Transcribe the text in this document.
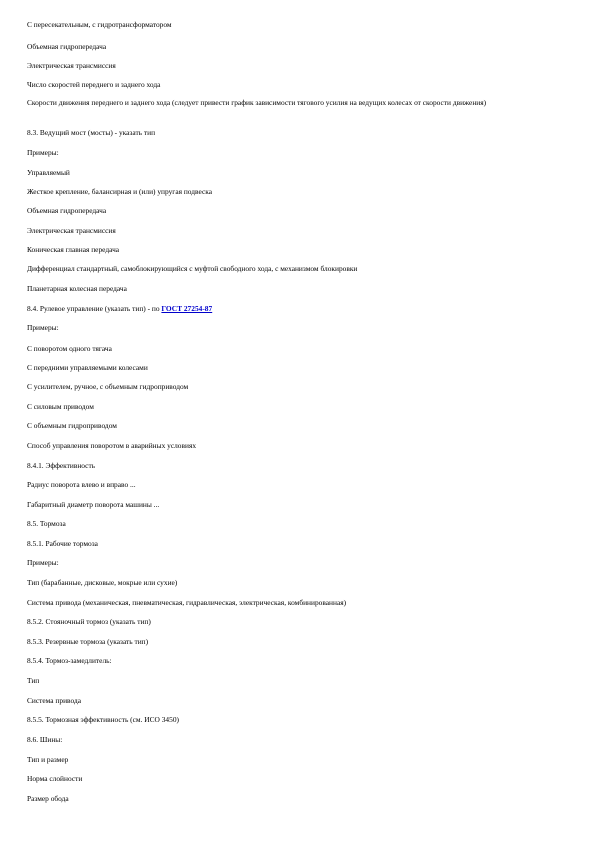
С пересекательным, с гидротрансформатором
Объемная гидропередача
Электрическая трансмиссия
Число скоростей переднего и заднего хода
Скорости движения переднего и заднего хода (следует привести график зависимости тягового усилия на ведущих колесах от скорости движения)
8.3. Ведущий мост (мосты) - указать тип
Примеры:
Управляемый
Жесткое крепление, балансирная и (или) упругая подвеска
Объемная гидропередача
Электрическая трансмиссия
Коническая главная передача
Дифференциал стандартный, самоблокирующийся с муфтой свободного хода, с механизмом блокировки
Планетарная колесная передача
8.4. Рулевое управление (указать тип) - по ГОСТ 27254-87
Примеры:
С поворотом одного тягача
С передними управляемыми колесами
С усилителем, ручное, с объемным гидроприводом
С силовым приводом
С объемным гидроприводом
Способ управления поворотом в аварийных условиях
8.4.1. Эффективность
Радиус поворота влево и вправо ...
Габаритный диаметр поворота машины ...
8.5. Тормоза
8.5.1. Рабочие тормоза
Примеры:
Тип (барабанные, дисковые, мокрые или сухие)
Система привода (механическая, пневматическая, гидравлическая, электрическая, комбинированная)
8.5.2. Стояночный тормоз (указать тип)
8.5.3. Резервные тормоза (указать тип)
8.5.4. Тормоз-замедлитель:
Тип
Система привода
8.5.5. Тормозная эффективность (см. ИСО 3450)
8.6. Шины:
Тип и размер
Норма слойности
Размер обода
